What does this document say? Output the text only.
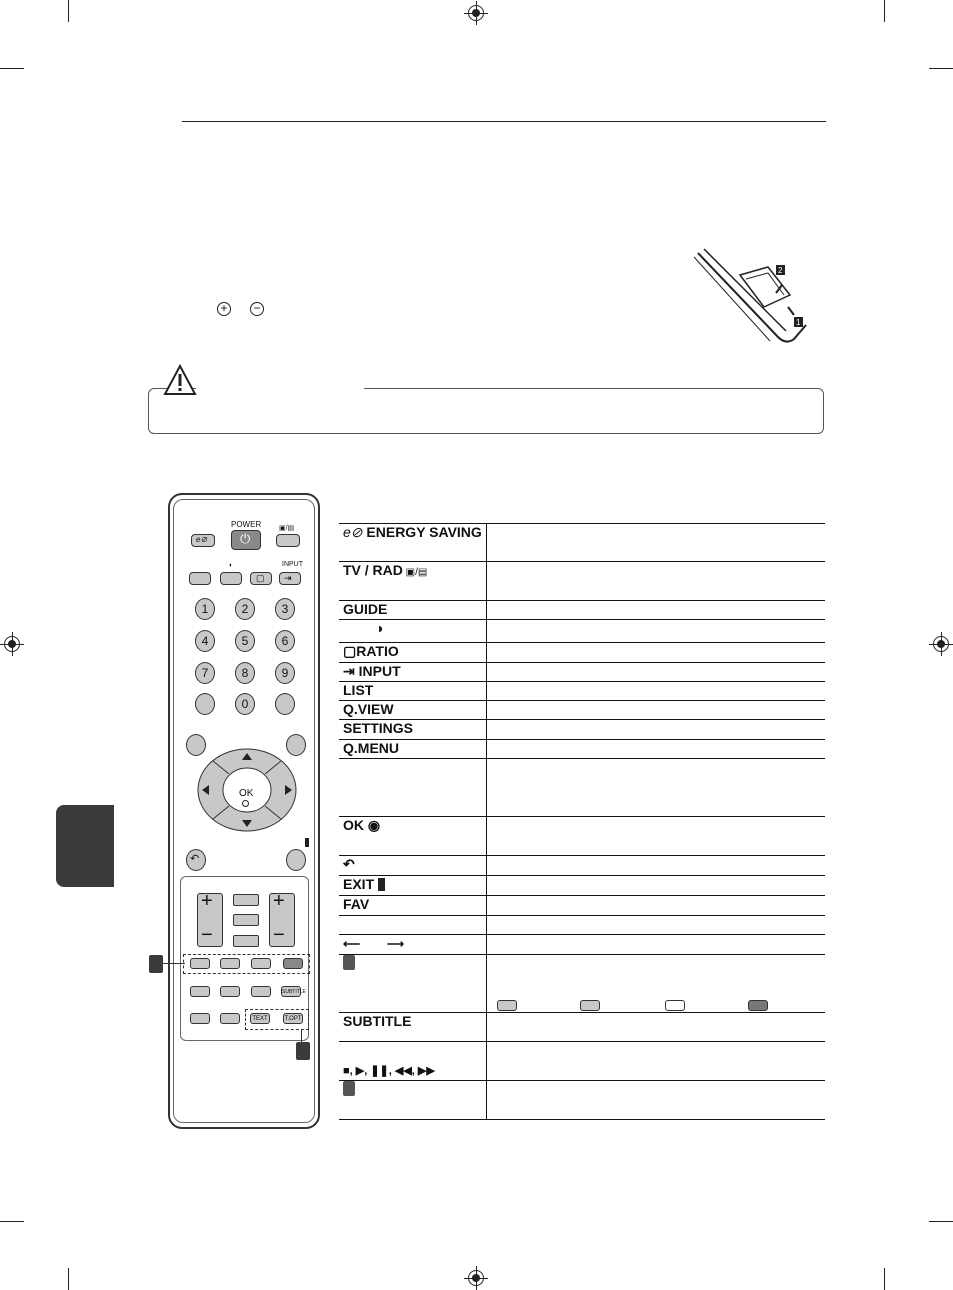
+ −
2
1
POWER
e⊘	⏻
▣/▤
INPUT
◐
▢ ⇥
1	2	3
4	5	6
7	8	9
0
OK
↶
+
−
+
−
SUBTITLE
TEXT	T.OPT
e⊘ ENERGY SAVING	
TV / RAD ▣/▤	
GUIDE	
◑	
▢RATIO	
⇥ INPUT	
LIST	
Q.VIEW	
SETTINGS	
Q.MENU	

OK ◉	
↶	
EXIT	
FAV	

⟵        ⟶	

SUBTITLE	
■, ▶, ❚❚, ◀◀, ▶▶	
